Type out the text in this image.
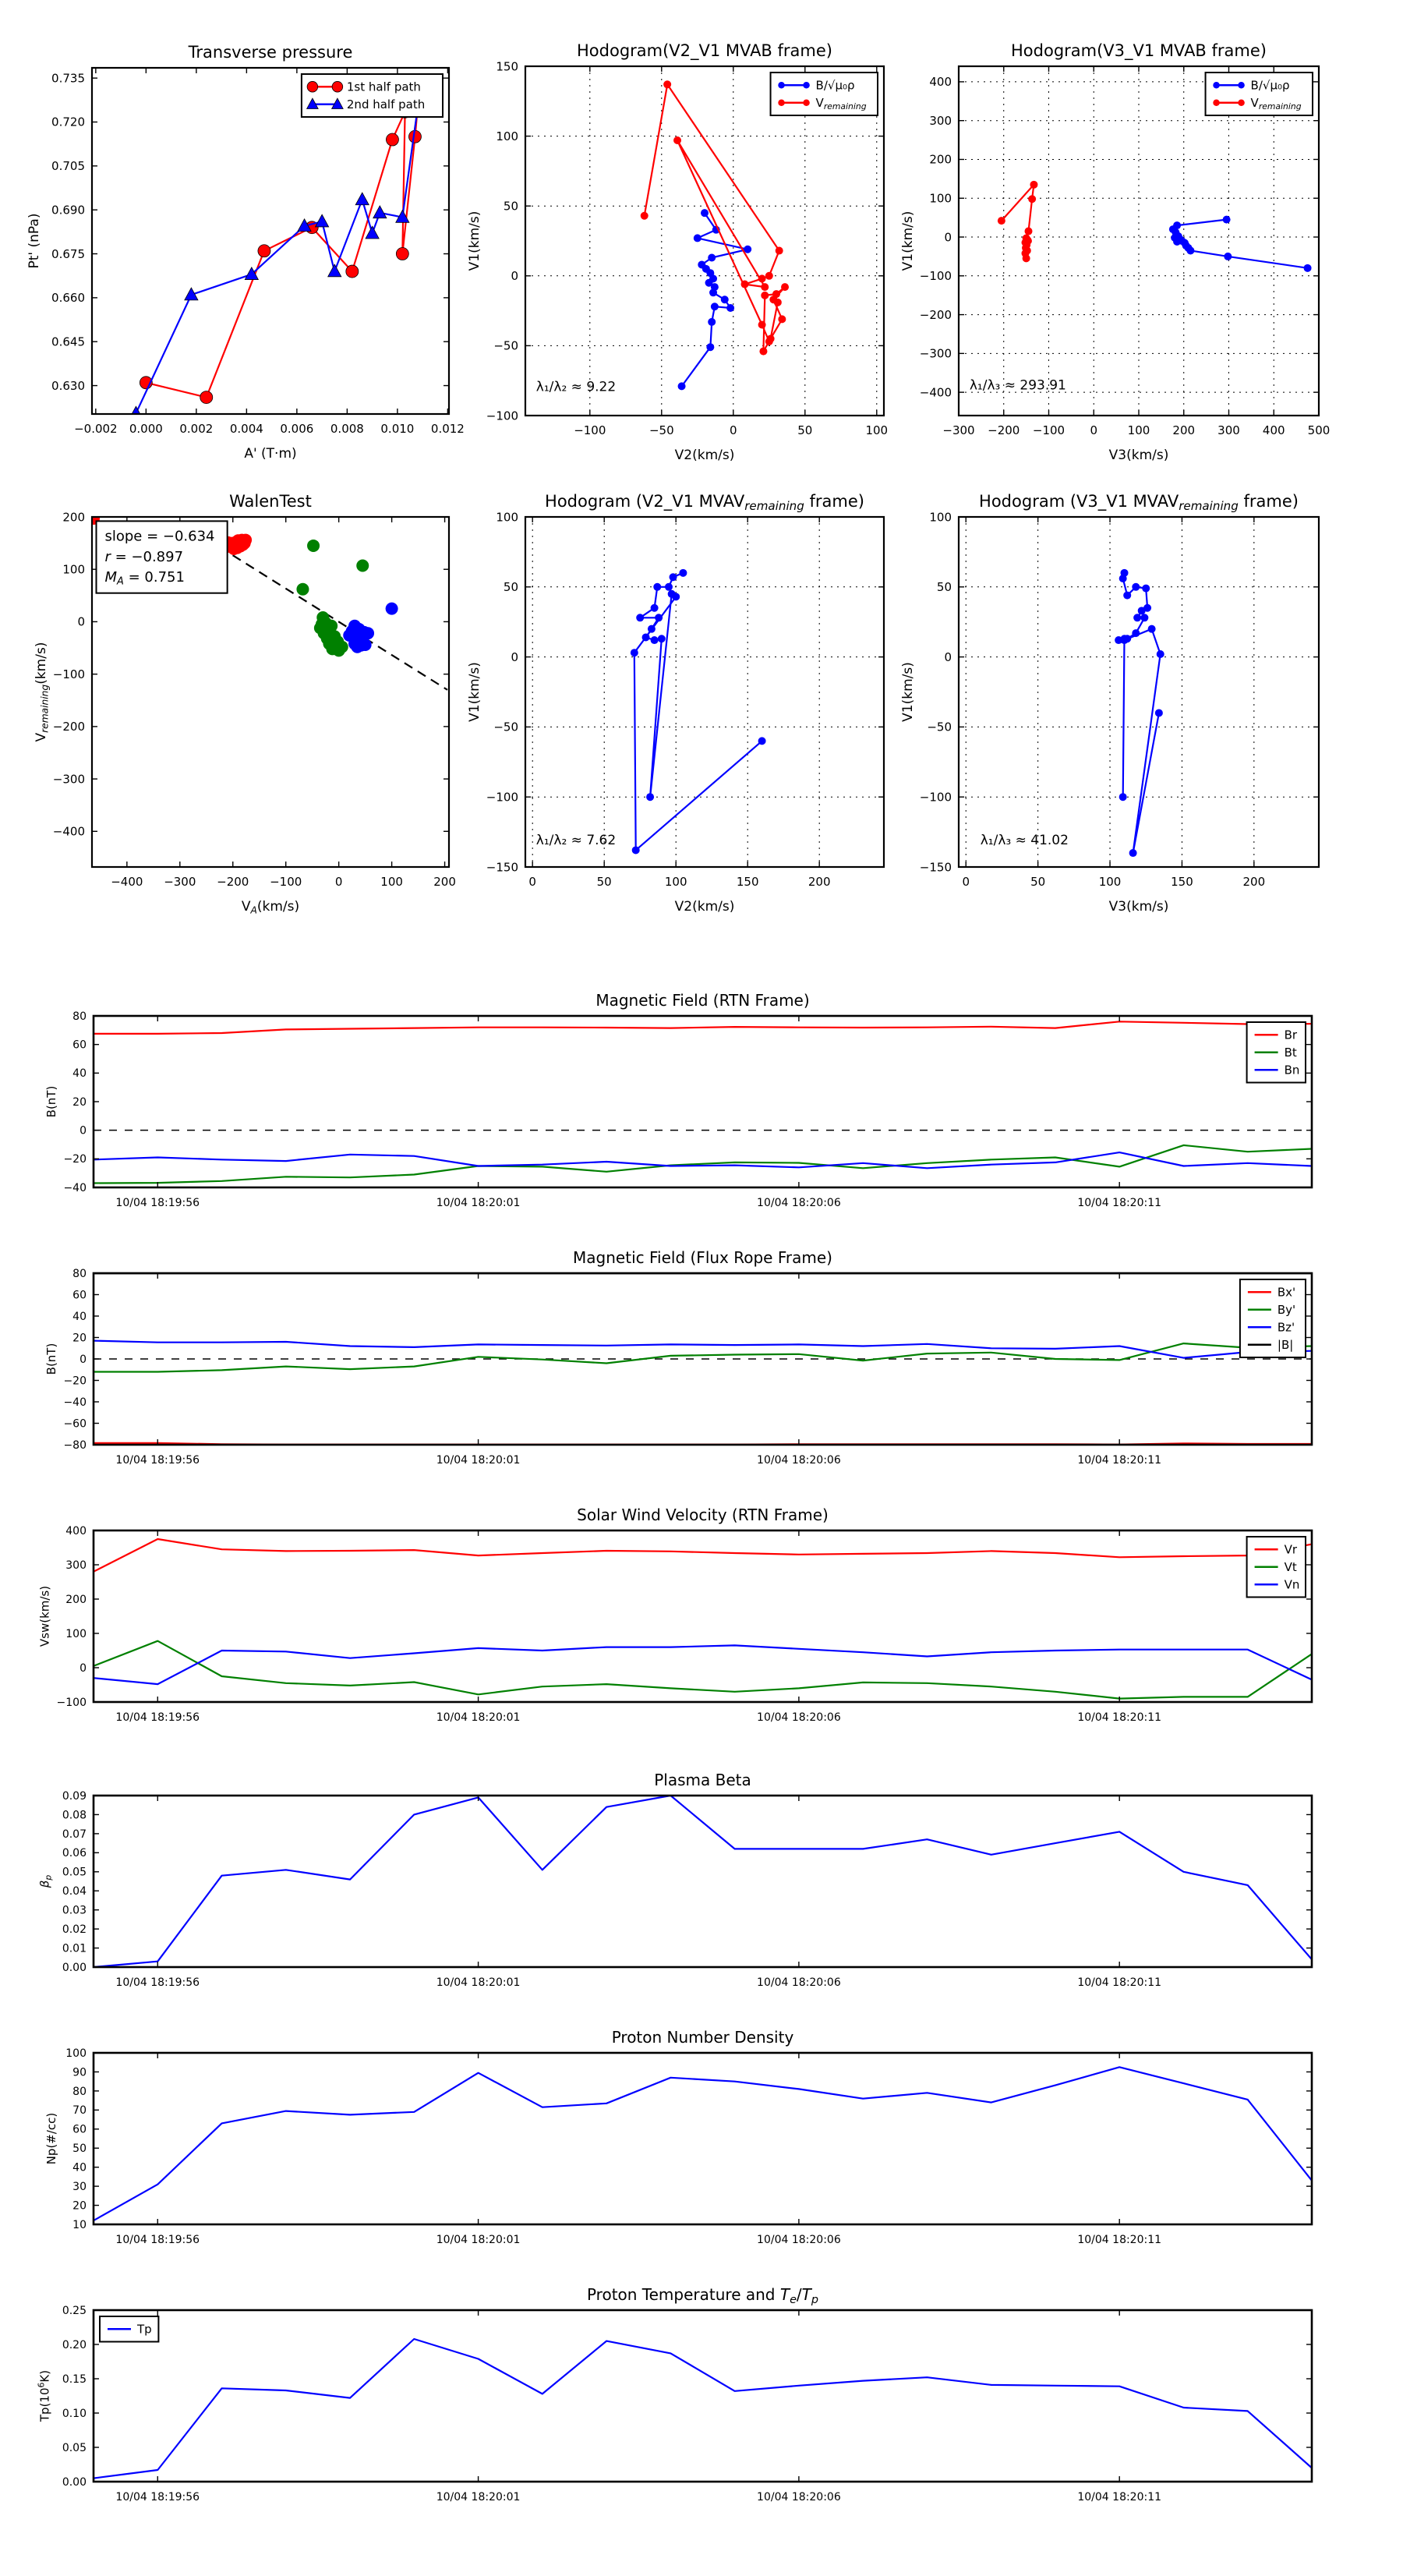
−0.002 0.000 0.002 0.004 0.006 0.008 0.010 0.012
0.630
0.645
0.660
0.675
0.690
0.705
0.720
0.735
Transverse pressure
A' (T·m)
Pt' (nPa)
1st half path
2nd half path
−100	−50	0	50	100
−100
−50
0
50
100
150
Hodogram(V2_V1 MVAB frame)
V2(km/s)
V1(km/s)
λ₁/λ₂ ≈ 9.22
B/√μ₀ρ
$V_{remaining}$
−300 −200 −100 0	100 200 300 400 500
−400
−300
−200
−100
0
100
200
300
400
Hodogram(V3_V1 MVAB frame)
V3(km/s)
V1(km/s)
λ₁/λ₃ ≈ 293.91
B/√μ₀ρ
$V_{remaining}$
−400 −300 −200 −100	0	100	200
−400
−300
−200
−100
0
100
200
WalenTest
$V_A(km/s)$
$V_{remaining}(km/s)$
slope = −0.634
r = −0.897
$M_A = 0.751$
0	50	100	150	200
−150
−100
−50
0
50
100
Hodogram (V2_V1 $MVAV_{remaining}$ frame)
V2(km/s)
V1(km/s)
λ₁/λ₂ ≈ 7.62
0	50	100	150	200
−150
−100
−50
0
50
100
Hodogram (V3_V1 $MVAV_{remaining}$ frame)
V3(km/s)
V1(km/s)
λ₁/λ₃ ≈ 41.02
10/04 18:19:56	10/04 18:20:01	10/04 18:20:06	10/04 18:20:11
−40
−20
0
20
40
60
80
Magnetic Field (RTN Frame)
B(nT)
Br
Bt
Bn
10/04 18:19:56	10/04 18:20:01	10/04 18:20:06	10/04 18:20:11
−80
−60
−40
−20
0
20
40
60
80
Magnetic Field (Flux Rope Frame)
B(nT)
Bx'
By'
Bz'
|B|
10/04 18:19:56	10/04 18:20:01	10/04 18:20:06	10/04 18:20:11
−100
0
100
200
300
400
Solar Wind Velocity (RTN Frame)
Vsw(km/s)
Vr
Vt
Vn
10/04 18:19:56	10/04 18:20:01	10/04 18:20:06	10/04 18:20:11
0.00
0.01
0.02
0.03
0.04
0.05
0.06
0.07
0.08
0.09
Plasma Beta
$\beta_p$
10/04 18:19:56	10/04 18:20:01	10/04 18:20:06	10/04 18:20:11
10
20
30
40
50
60
70
80
90
100
Proton Number Density
Np(#/cc)
10/04 18:19:56	10/04 18:20:01	10/04 18:20:06	10/04 18:20:11
0.00
0.05
0.10
0.15
0.20
0.25
Proton Temperature and $T_e/T_p$
$Tp(10^6K)$
Tp
